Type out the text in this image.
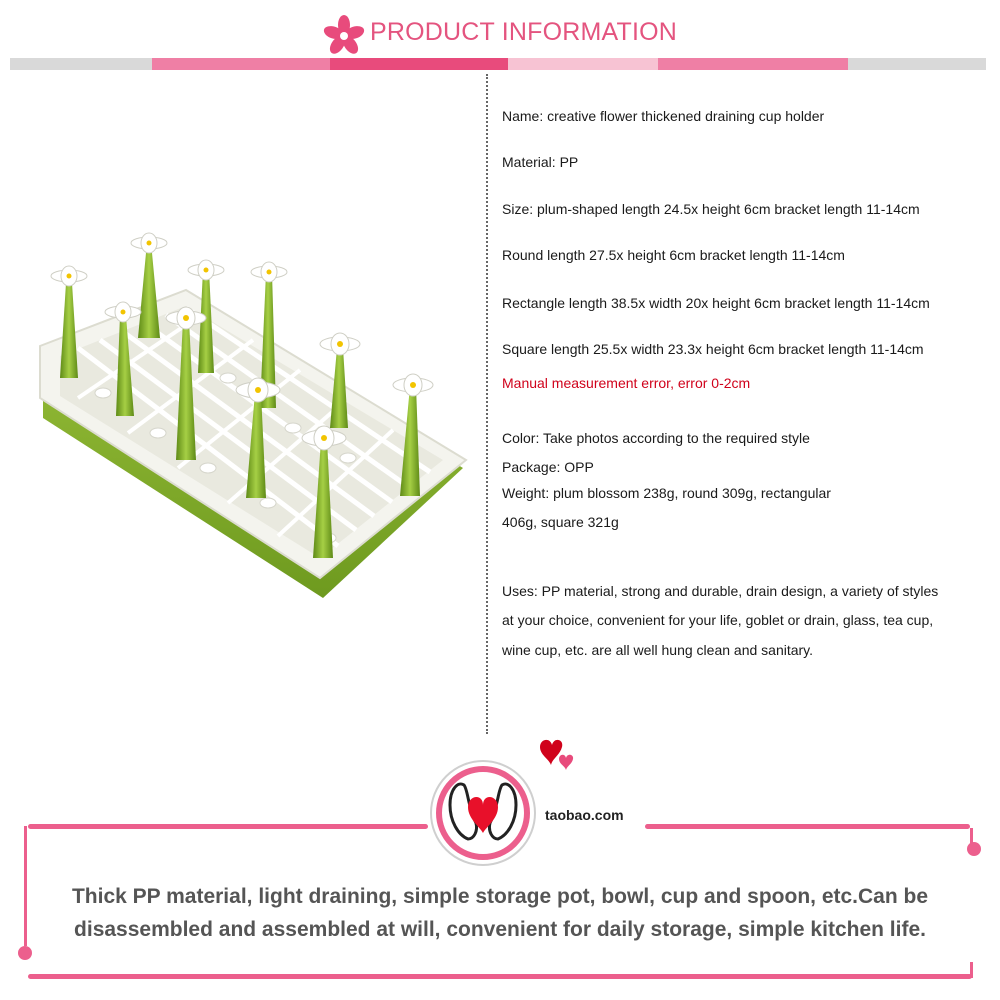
PRODUCT INFORMATION
Name: creative flower thickened draining cup holder
Material: PP
Size: plum-shaped length 24.5x height 6cm bracket length 11-14cm
Round length 27.5x height 6cm bracket length 11-14cm
Rectangle length 38.5x width 20x height 6cm bracket length 11-14cm
Square length 25.5x width 23.3x height 6cm bracket length 11-14cm
Manual measurement error, error 0-2cm
Color: Take photos according to the required style
Package: OPP
Weight: plum blossom 238g, round 309g, rectangular
406g, square 321g
Uses: PP material, strong and durable, drain design, a variety of styles
at your choice, convenient for your life, goblet or drain, glass, tea cup,
wine cup, etc. are all well hung clean and sanitary.
taobao.com
Thick PP material, light draining, simple storage pot, bowl, cup and spoon, etc.Can be
disassembled and assembled at will, convenient for daily storage, simple kitchen life.
